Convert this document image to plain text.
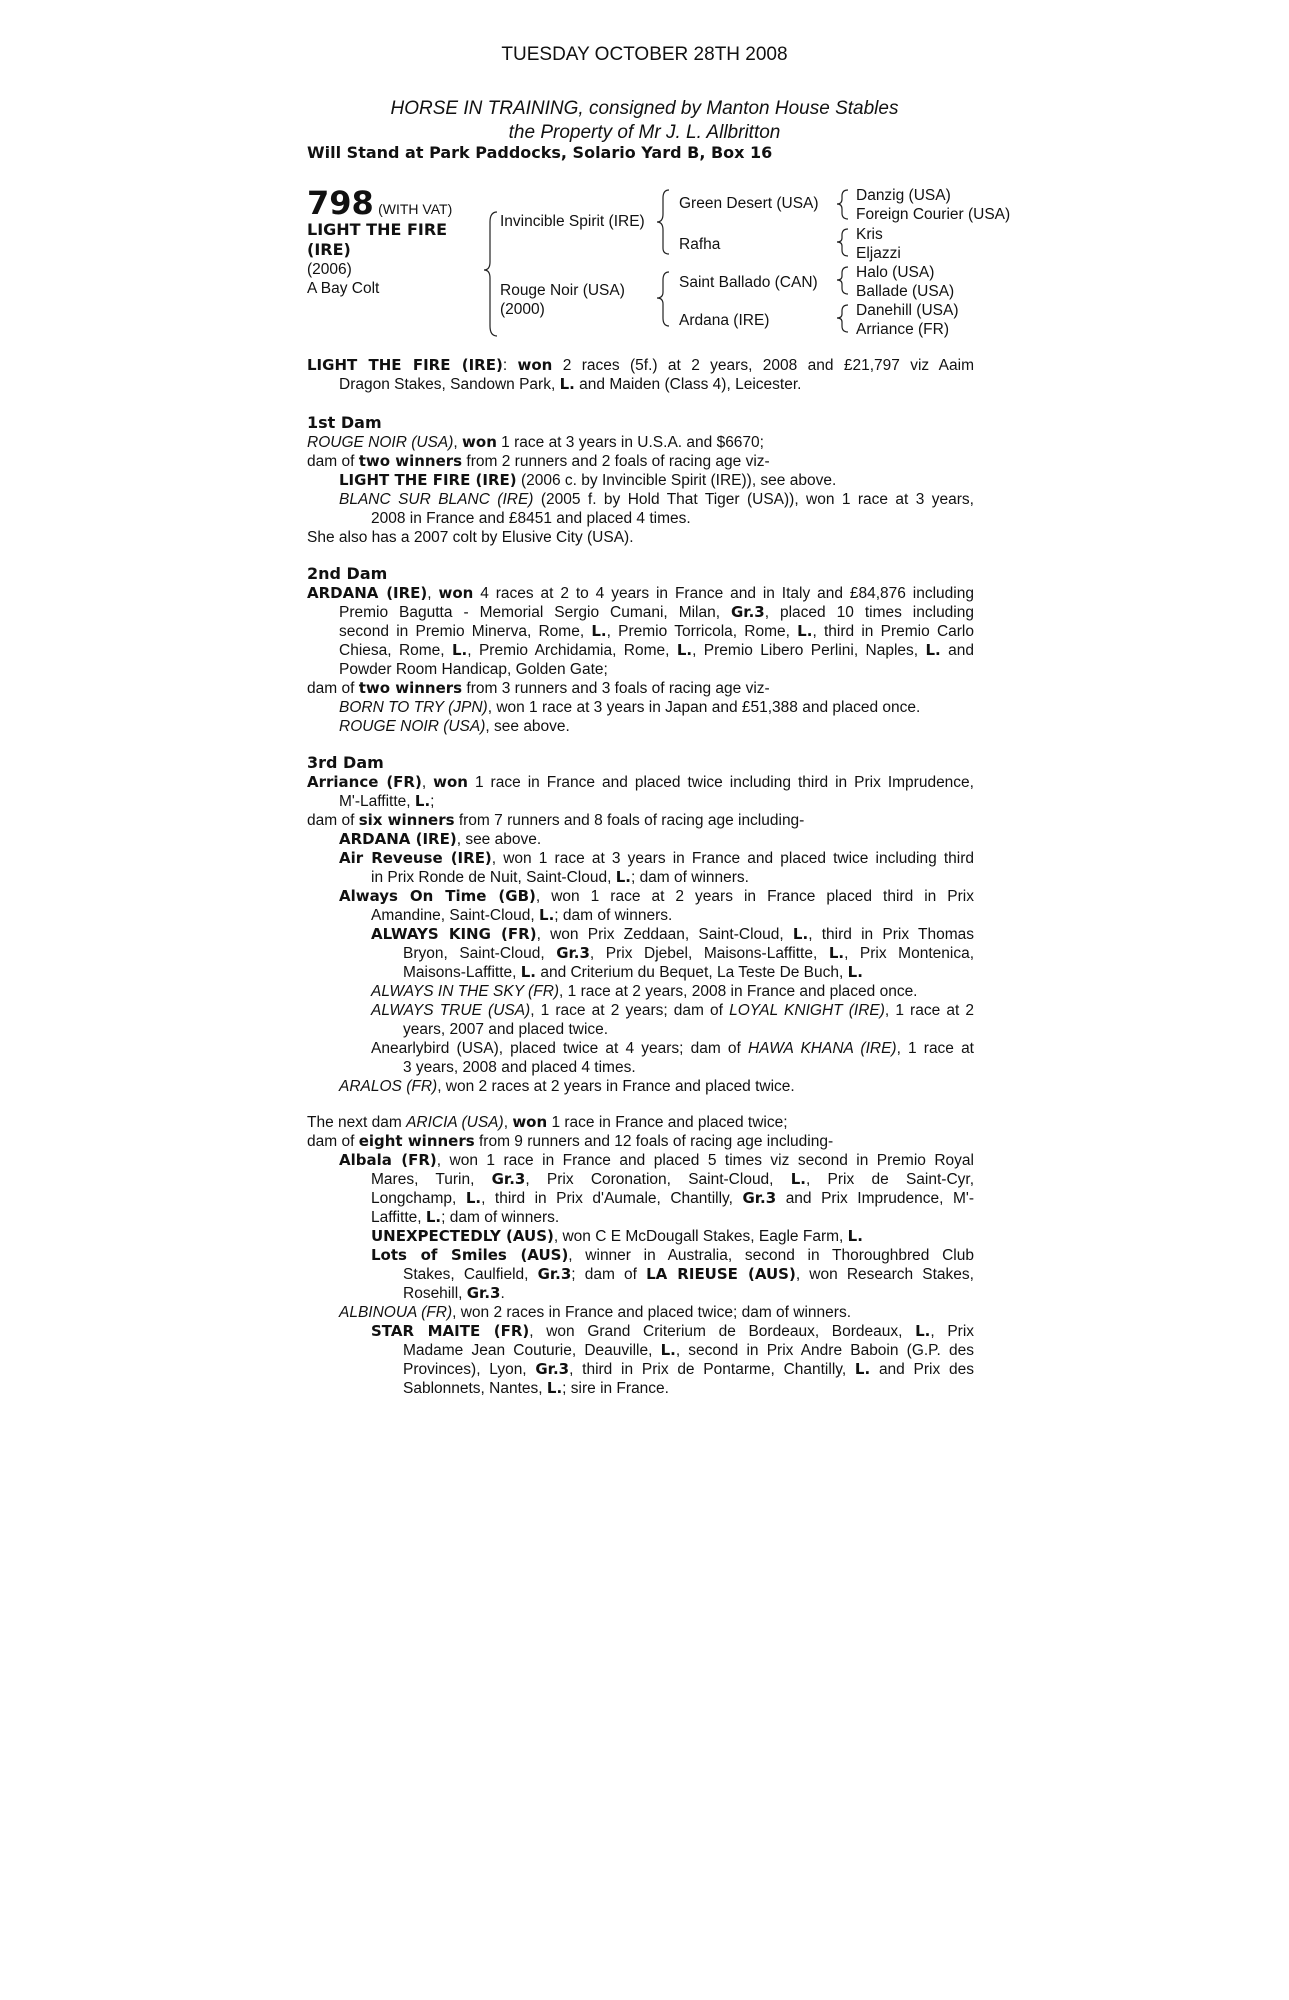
TUESDAY OCTOBER 28TH 2008
HORSE IN TRAINING, consigned by Manton House Stables
the Property of Mr J. L. Allbritton
Will Stand at Park Paddocks, Solario Yard B, Box 16
798 (WITH VAT)
LIGHT THE FIRE
(IRE)
(2006)
A Bay Colt
Invincible Spirit (IRE)
Rouge Noir (USA)
(2000)
Green Desert (USA)
Rafha
Saint Ballado (CAN)
Ardana (IRE)
Danzig (USA)
Foreign Courier (USA)
Kris
Eljazzi
Halo (USA)
Ballade (USA)
Danehill (USA)
Arriance (FR)
LIGHT THE FIRE (IRE): won 2 races (5f.) at 2 years, 2008 and £21,797 viz Aaim
Dragon Stakes, Sandown Park, L. and Maiden (Class 4), Leicester.
1st Dam
ROUGE NOIR (USA), won 1 race at 3 years in U.S.A. and $6670;
dam of two winners from 2 runners and 2 foals of racing age viz-
LIGHT THE FIRE (IRE) (2006 c. by Invincible Spirit (IRE)), see above.
BLANC SUR BLANC (IRE) (2005 f. by Hold That Tiger (USA)), won 1 race at 3 years,
2008 in France and £8451 and placed 4 times.
She also has a 2007 colt by Elusive City (USA).
2nd Dam
ARDANA (IRE), won 4 races at 2 to 4 years in France and in Italy and £84,876 including
Premio Bagutta - Memorial Sergio Cumani, Milan, Gr.3, placed 10 times including
second in Premio Minerva, Rome, L., Premio Torricola, Rome, L., third in Premio Carlo
Chiesa, Rome, L., Premio Archidamia, Rome, L., Premio Libero Perlini, Naples, L. and
Powder Room Handicap, Golden Gate;
dam of two winners from 3 runners and 3 foals of racing age viz-
BORN TO TRY (JPN), won 1 race at 3 years in Japan and £51,388 and placed once.
ROUGE NOIR (USA), see above.
3rd Dam
Arriance (FR), won 1 race in France and placed twice including third in Prix Imprudence,
M'-Laffitte, L.;
dam of six winners from 7 runners and 8 foals of racing age including-
ARDANA (IRE), see above.
Air Reveuse (IRE), won 1 race at 3 years in France and placed twice including third
in Prix Ronde de Nuit, Saint-Cloud, L.; dam of winners.
Always On Time (GB), won 1 race at 2 years in France placed third in Prix
Amandine, Saint-Cloud, L.; dam of winners.
ALWAYS KING (FR), won Prix Zeddaan, Saint-Cloud, L., third in Prix Thomas
Bryon, Saint-Cloud, Gr.3, Prix Djebel, Maisons-Laffitte, L., Prix Montenica,
Maisons-Laffitte, L. and Criterium du Bequet, La Teste De Buch, L.
ALWAYS IN THE SKY (FR), 1 race at 2 years, 2008 in France and placed once.
ALWAYS TRUE (USA), 1 race at 2 years; dam of LOYAL KNIGHT (IRE), 1 race at 2
years, 2007 and placed twice.
Anearlybird (USA), placed twice at 4 years; dam of HAWA KHANA (IRE), 1 race at
3 years, 2008 and placed 4 times.
ARALOS (FR), won 2 races at 2 years in France and placed twice.
The next dam ARICIA (USA), won 1 race in France and placed twice;
dam of eight winners from 9 runners and 12 foals of racing age including-
Albala (FR), won 1 race in France and placed 5 times viz second in Premio Royal
Mares, Turin, Gr.3, Prix Coronation, Saint-Cloud, L., Prix de Saint-Cyr,
Longchamp, L., third in Prix d'Aumale, Chantilly, Gr.3 and Prix Imprudence, M'-
Laffitte, L.; dam of winners.
UNEXPECTEDLY (AUS), won C E McDougall Stakes, Eagle Farm, L.
Lots of Smiles (AUS), winner in Australia, second in Thoroughbred Club
Stakes, Caulfield, Gr.3; dam of LA RIEUSE (AUS), won Research Stakes,
Rosehill, Gr.3.
ALBINOUA (FR), won 2 races in France and placed twice; dam of winners.
STAR MAITE (FR), won Grand Criterium de Bordeaux, Bordeaux, L., Prix
Madame Jean Couturie, Deauville, L., second in Prix Andre Baboin (G.P. des
Provinces), Lyon, Gr.3, third in Prix de Pontarme, Chantilly, L. and Prix des
Sablonnets, Nantes, L.; sire in France.
